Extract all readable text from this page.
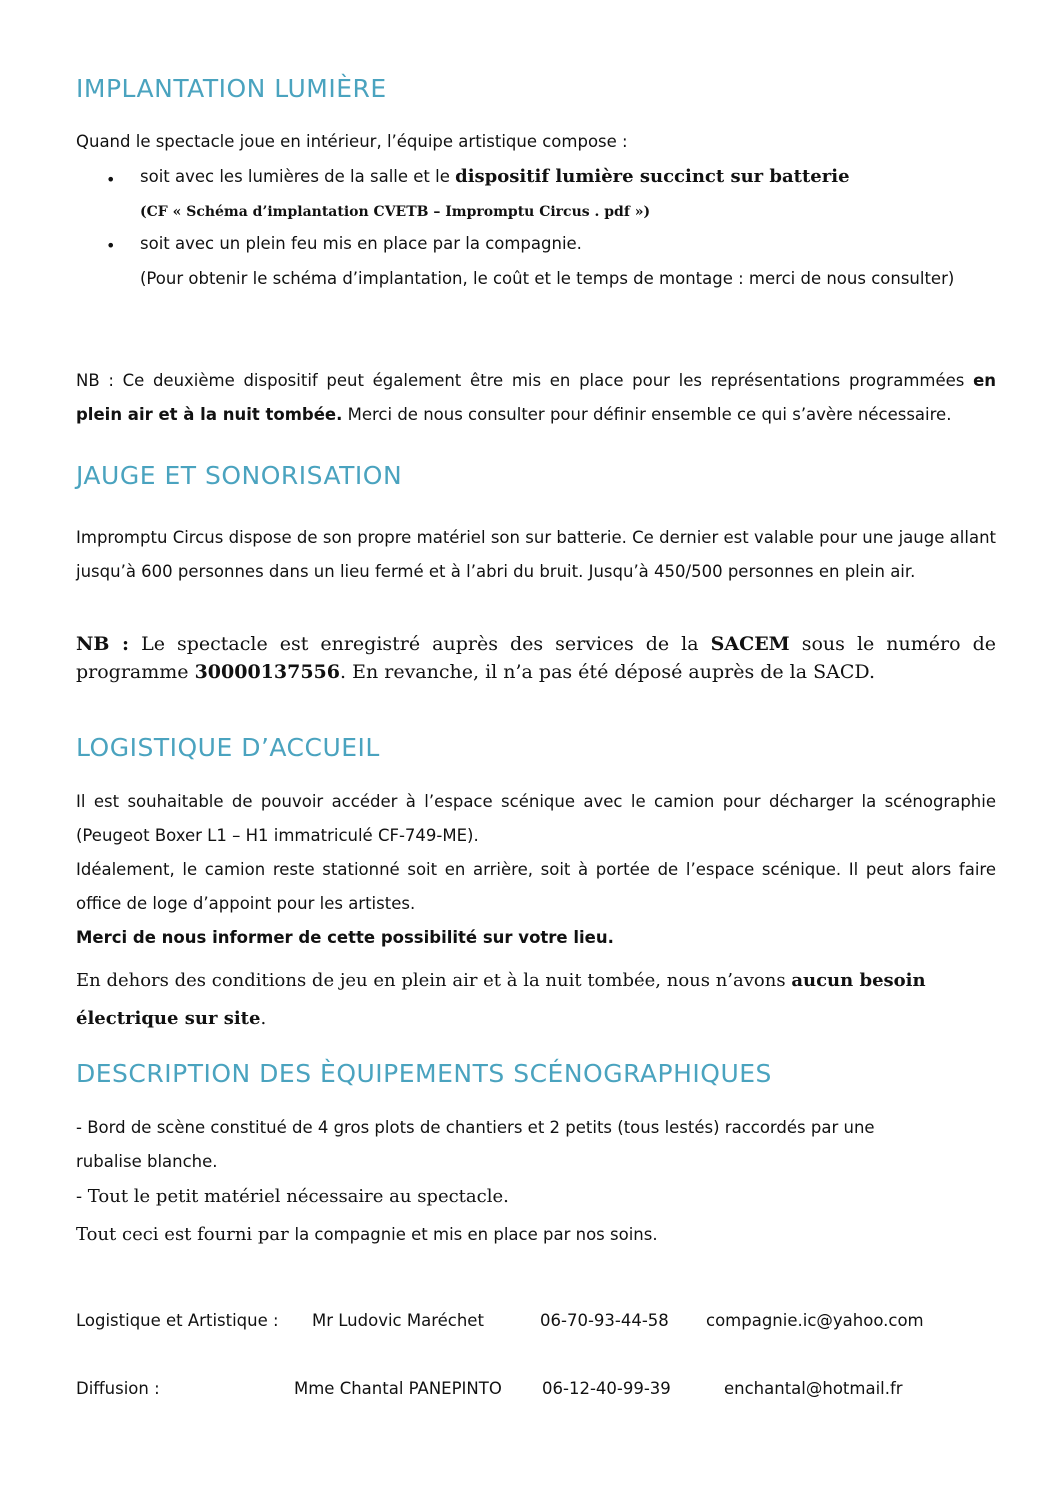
IMPLANTATION LUMIÈRE
Quand le spectacle joue en intérieur, l’équipe artistique compose :
• soit avec les lumières de la salle et le dispositif lumière succinct sur batterie
(CF « Schéma d’implantation CVETB – Impromptu Circus . pdf »)
• soit avec un plein feu mis en place par la compagnie.
(Pour obtenir le schéma d’implantation, le coût et le temps de montage : merci de nous consulter)
NB : Ce deuxième dispositif peut également être mis en place pour les représentations programmées en plein air et à la nuit tombée. Merci de nous consulter pour définir ensemble ce qui s’avère nécessaire.
JAUGE ET SONORISATION
Impromptu Circus dispose de son propre matériel son sur batterie. Ce dernier est valable pour une jauge allant jusqu’à 600 personnes dans un lieu fermé et à l’abri du bruit. Jusqu’à 450/500 personnes en plein air.
NB : Le spectacle est enregistré auprès des services de la SACEM sous le numéro de programme 30000137556. En revanche, il n’a pas été déposé auprès de la SACD.
LOGISTIQUE D’ACCUEIL
Il est souhaitable de pouvoir accéder à l’espace scénique avec le camion pour décharger la scénographie (Peugeot Boxer L1 – H1 immatriculé CF-749-ME).
Idéalement, le camion reste stationné soit en arrière, soit à portée de l’espace scénique. Il peut alors faire office de loge d’appoint pour les artistes.
Merci de nous informer de cette possibilité sur votre lieu.
En dehors des conditions de jeu en plein air et à la nuit tombée, nous n’avons aucun besoin
électrique sur site.
DESCRIPTION DES ÈQUIPEMENTS SCÉNOGRAPHIQUES
- Bord de scène constitué de 4 gros plots de chantiers et 2 petits (tous lestés) raccordés par une rubalise blanche.
- Tout le petit matériel nécessaire au spectacle.
Tout ceci est fourni par la compagnie et mis en place par nos soins.
Logistique et Artistique : Mr Ludovic Maréchet	06-70-93-44-58 compagnie.ic@yahoo.com
Diffusion :	Mme Chantal PANEPINTO 06-12-40-99-39	enchantal@hotmail.fr
